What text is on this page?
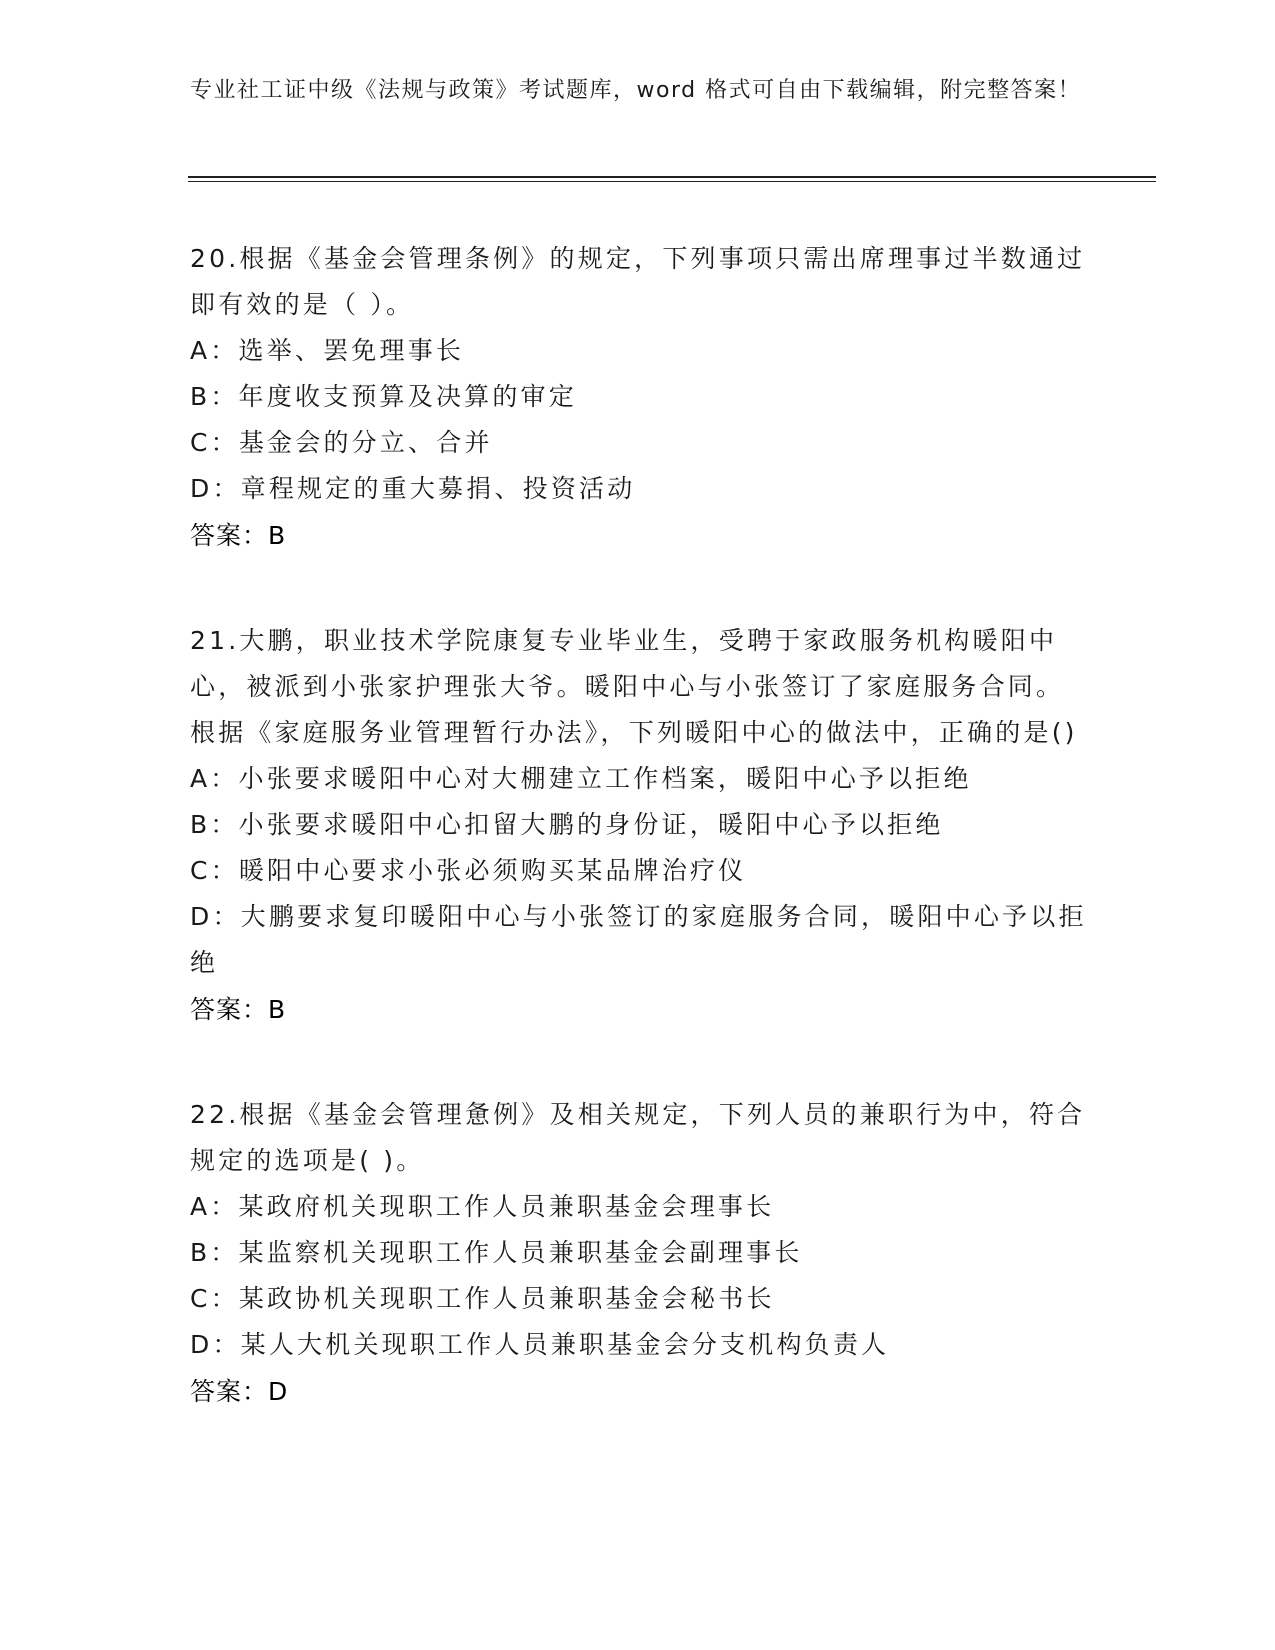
专业社工证中级《法规与政策》考试题库，word 格式可自由下载编辑，附完整答案！
20.根据《基金会管理条例》的规定，下列事项只需出席理事过半数通过即有效的是（ ）。
A：选举、罢免理事长
B：年度收支预算及决算的审定
C：基金会的分立、合并
D：章程规定的重大募捐、投资活动
答案：B
21.大鹏，职业技术学院康复专业毕业生，受聘于家政服务机构暖阳中心，被派到小张家护理张大爷。暖阳中心与小张签订了家庭服务合同。根据《家庭服务业管理暂行办法》，下列暖阳中心的做法中，正确的是()
A：小张要求暖阳中心对大棚建立工作档案，暖阳中心予以拒绝
B：小张要求暖阳中心扣留大鹏的身份证，暖阳中心予以拒绝
C：暖阳中心要求小张必须购买某品牌治疗仪
D：大鹏要求复印暖阳中心与小张签订的家庭服务合同，暖阳中心予以拒绝
答案：B
22.根据《基金会管理惫例》及相关规定，下列人员的兼职行为中，符合规定的选项是( )。
A：某政府机关现职工作人员兼职基金会理事长
B：某监察机关现职工作人员兼职基金会副理事长
C：某政协机关现职工作人员兼职基金会秘书长
D：某人大机关现职工作人员兼职基金会分支机构负责人
答案：D
